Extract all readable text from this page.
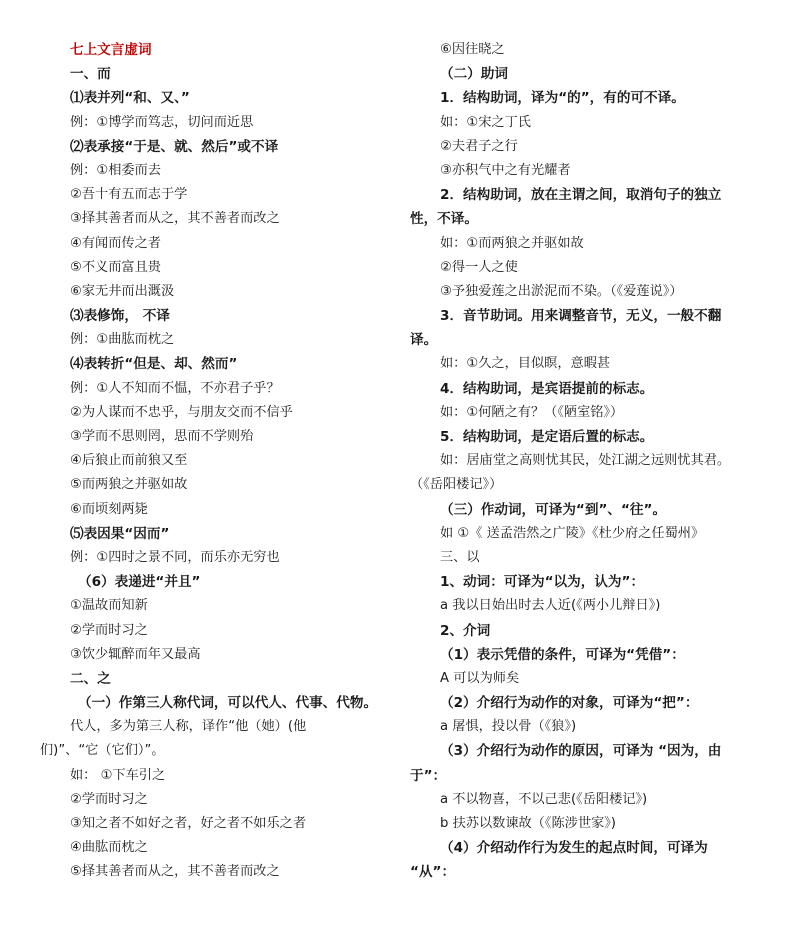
七上文言虚词
一、而
⑴表并列“和、又、”
例：①博学而笃志，切问而近思
⑵表承接“于是、就、然后”或不译
例：①相委而去
②吾十有五而志于学
③择其善者而从之，其不善者而改之
④有闻而传之者
⑤不义而富且贵
⑥家无井而出溉汲
⑶表修饰， 不译
例：①曲肱而枕之
⑷表转折“但是、却、然而”
例：①人不知而不愠，不亦君子乎？
②为人谋而不忠乎，与朋友交而不信乎
③学而不思则罔，思而不学则殆
④后狼止而前狼又至
⑤而两狼之并驱如故
⑥而顷刻两毙
⑸表因果“因而”
例：①四时之景不同，而乐亦无穷也
（6）表递进“并且”
①温故而知新
②学而时习之
③饮少辄醉而年又最高
二、之
（一）作第三人称代词，可以代人、代事、代物。
代人，多为第三人称，译作“他（她）(他
们)”、“它（它们）”。
如： ①下车引之
②学而时习之
③知之者不如好之者，好之者不如乐之者
④曲肱而枕之
⑤择其善者而从之，其不善者而改之
⑥因往晓之
（二）助词
1．结构助词，译为“的”，有的可不译。
如：①宋之丁氏
②夫君子之行
③亦积气中之有光耀者
2．结构助词，放在主谓之间，取消句子的独立
性，不译。
如：①而两狼之并驱如故
②得一人之使
③予独爱莲之出淤泥而不染。（《爱莲说》）
3．音节助词。用来调整音节，无义，一般不翻
译。
如：①久之，目似瞑，意暇甚
4．结构助词，是宾语提前的标志。
如：①何陋之有？（《陋室铭》）
5．结构助词，是定语后置的标志。
如：居庙堂之高则忧其民，处江湖之远则忧其君。
（《岳阳楼记》）
（三）作动词，可译为“到”、“往”。
如 ①《 送孟浩然之广陵》《杜少府之任蜀州》
三、以
1、动词：可译为“以为，认为”：
a 我以日始出时去人近(《两小儿辩日》)
2、介词
（1）表示凭借的条件，可译为“凭借”：
A 可以为师矣
（2）介绍行为动作的对象，可译为“把”：
a 屠惧，投以骨（《狼》)
（3）介绍行为动作的原因，可译为 “因为，由
于”：
a 不以物喜，不以己悲(《岳阳楼记》)
b 扶苏以数谏故（《陈涉世家》)
（4）介绍动作行为发生的起点时间，可译为
“从”：
